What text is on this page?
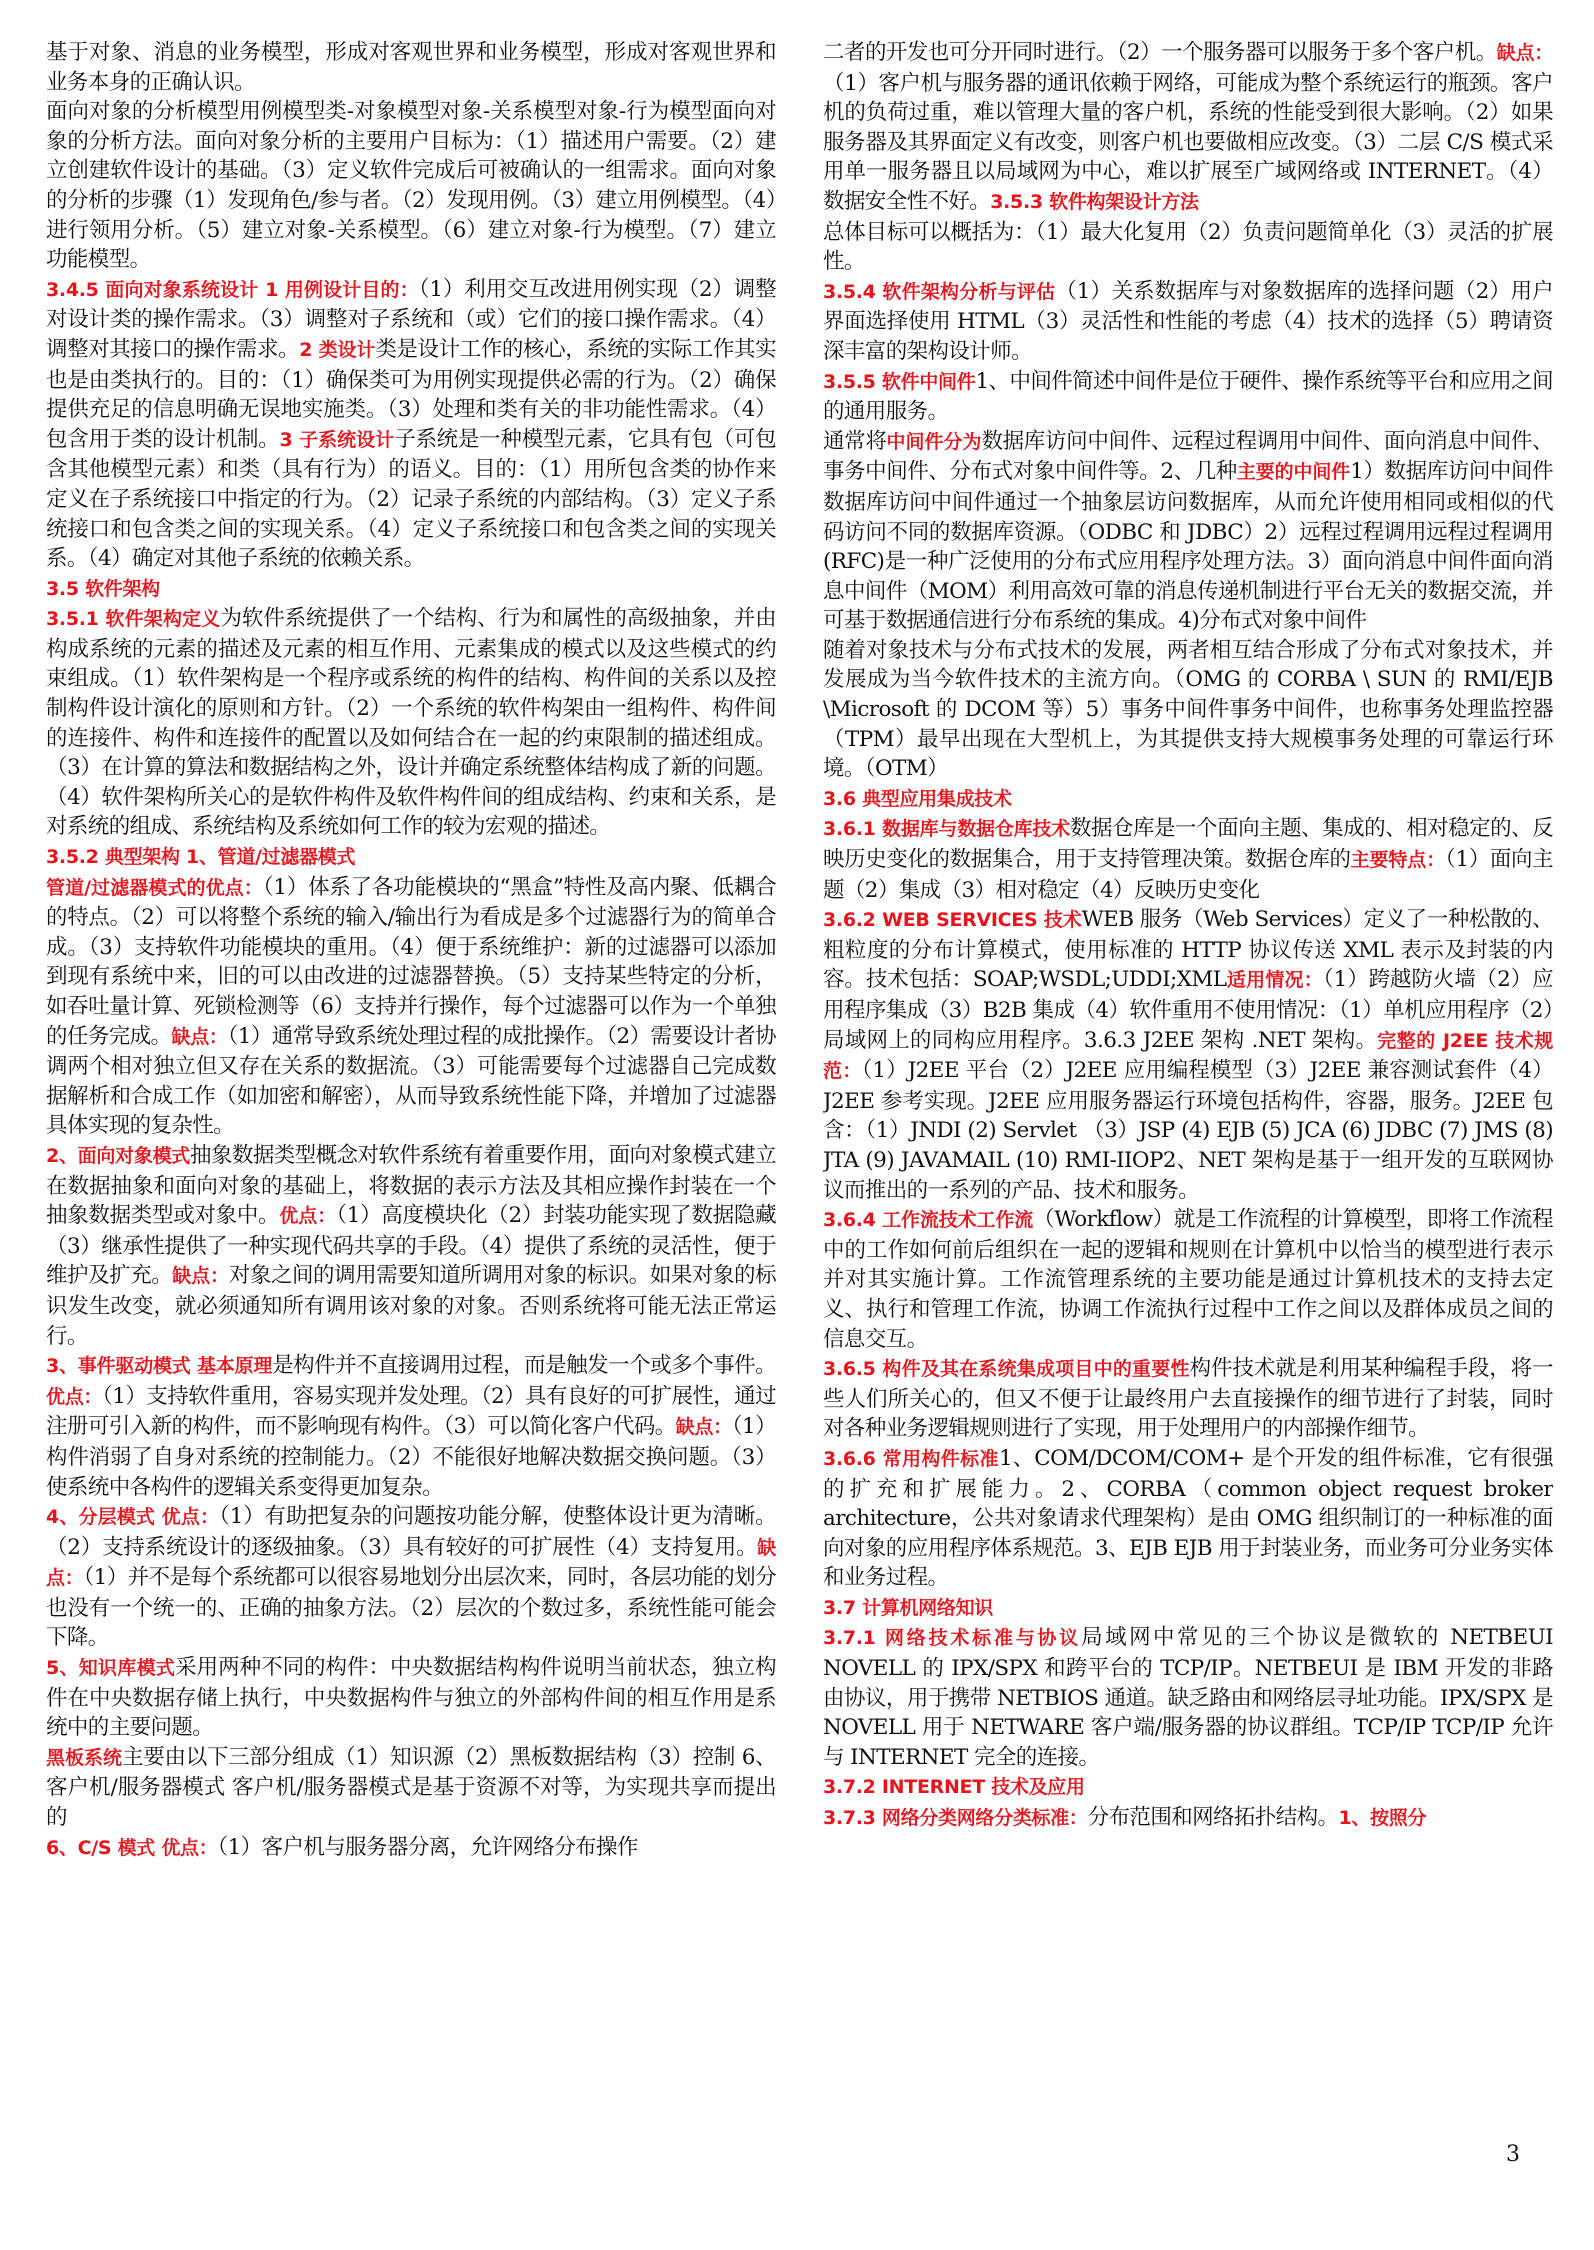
基于对象、消息的业务模型，形成对客观世界和业务模型，形成对客观世界和业务本身的正确认识。

面向对象的分析模型用例模型类-对象模型对象-关系模型对象-行为模型面向对象的分析方法。面向对象分析的主要用户目标为：（1）描述用户需要。（2）建立创建软件设计的基础。（3）定义软件完成后可被确认的一组需求。面向对象的分析的步骤（1）发现角色/参与者。（2）发现用例。（3）建立用例模型。（4）进行领用分析。（5）建立对象-关系模型。（6）建立对象-行为模型。（7）建立功能模型。

3.4.5 面向对象系统设计 1 用例设计目的：（1）利用交互改进用例实现（2）调整对设计类的操作需求。（3）调整对子系统和（或）它们的接口操作需求。（4）调整对其接口的操作需求。2 类设计类是设计工作的核心，系统的实际工作其实也是由类执行的。目的：（1）确保类可为用例实现提供必需的行为。（2）确保提供充足的信息明确无误地实施类。（3）处理和类有关的非功能性需求。（4）包含用于类的设计机制。3 子系统设计子系统是一种模型元素，它具有包（可包含其他模型元素）和类（具有行为）的语义。目的：（1）用所包含类的协作来定义在子系统接口中指定的行为。（2）记录子系统的内部结构。（3）定义子系统接口和包含类之间的实现关系。（4）定义子系统接口和包含类之间的实现关系。（4）确定对其他子系统的依赖关系。

3.5 软件架构

3.5.1 软件架构定义为软件系统提供了一个结构、行为和属性的高级抽象，并由构成系统的元素的描述及元素的相互作用、元素集成的模式以及这些模式的约束组成。（1）软件架构是一个程序或系统的构件的结构、构件间的关系以及控制构件设计演化的原则和方针。（2）一个系统的软件构架由一组构件、构件间的连接件、构件和连接件的配置以及如何结合在一起的约束限制的描述组成。（3）在计算的算法和数据结构之外，设计并确定系统整体结构成了新的问题。（4）软件架构所关心的是软件构件及软件构件间的组成结构、约束和关系，是对系统的组成、系统结构及系统如何工作的较为宏观的描述。

3.5.2 典型架构 1、管道/过滤器模式

管道/过滤器模式的优点：（1）体系了各功能模块的“黑盒”特性及高内聚、低耦合的特点。（2）可以将整个系统的输入/输出行为看成是多个过滤器行为的简单合成。（3）支持软件功能模块的重用。（4）便于系统维护：新的过滤器可以添加到现有系统中来，旧的可以由改进的过滤器替换。（5）支持某些特定的分析，如吞吐量计算、死锁检测等（6）支持并行操作，每个过滤器可以作为一个单独的任务完成。缺点：（1）通常导致系统处理过程的成批操作。（2）需要设计者协调两个相对独立但又存在关系的数据流。（3）可能需要每个过滤器自己完成数据解析和合成工作（如加密和解密），从而导致系统性能下降，并增加了过滤器具体实现的复杂性。

2、面向对象模式抽象数据类型概念对软件系统有着重要作用，面向对象模式建立在数据抽象和面向对象的基础上，将数据的表示方法及其相应操作封装在一个抽象数据类型或对象中。优点：（1）高度模块化（2）封装功能实现了数据隐藏（3）继承性提供了一种实现代码共享的手段。（4）提供了系统的灵活性，便于维护及扩充。缺点：对象之间的调用需要知道所调用对象的标识。如果对象的标识发生改变，就必须通知所有调用该对象的对象。否则系统将可能无法正常运行。

3、事件驱动模式 基本原理是构件并不直接调用过程，而是触发一个或多个事件。优点：（1）支持软件重用，容易实现并发处理。（2）具有良好的可扩展性，通过注册可引入新的构件，而不影响现有构件。（3）可以简化客户代码。缺点：（1）构件消弱了自身对系统的控制能力。（2）不能很好地解决数据交换问题。（3）使系统中各构件的逻辑关系变得更加复杂。

4、分层模式 优点：（1）有助把复杂的问题按功能分解，使整体设计更为清晰。（2）支持系统设计的逐级抽象。（3）具有较好的可扩展性（4）支持复用。缺点：（1）并不是每个系统都可以很容易地划分出层次来，同时，各层功能的划分也没有一个统一的、正确的抽象方法。（2）层次的个数过多，系统性能可能会下降。

5、知识库模式采用两种不同的构件：中央数据结构构件说明当前状态，独立构件在中央数据存储上执行，中央数据构件与独立的外部构件间的相互作用是系统中的主要问题。

黑板系统主要由以下三部分组成（1）知识源（2）黑板数据结构（3）控制 6、客户机/服务器模式 客户机/服务器模式是基于资源不对等，为实现共享而提出的

6、C/S 模式 优点：（1）客户机与服务器分离，允许网络分布操作

二者的开发也可分开同时进行。（2）一个服务器可以服务于多个客户机。缺点：（1）客户机与服务器的通讯依赖于网络，可能成为整个系统运行的瓶颈。客户机的负荷过重，难以管理大量的客户机，系统的性能受到很大影响。（2）如果服务器及其界面定义有改变，则客户机也要做相应改变。（3）二层 C/S 模式采用单一服务器且以局域网为中心，难以扩展至广域网络或 INTERNET。（4）数据安全性不好。3.5.3 软件构架设计方法

总体目标可以概括为：（1）最大化复用（2）负责问题简单化（3）灵活的扩展性。

3.5.4 软件架构分析与评估（1）关系数据库与对象数据库的选择问题（2）用户界面选择使用 HTML（3）灵活性和性能的考虑（4）技术的选择（5）聘请资深丰富的架构设计师。

3.5.5 软件中间件1、中间件简述中间件是位于硬件、操作系统等平台和应用之间的通用服务。

通常将中间件分为数据库访问中间件、远程过程调用中间件、面向消息中间件、事务中间件、分布式对象中间件等。2、几种主要的中间件1）数据库访问中间件数据库访问中间件通过一个抽象层访问数据库，从而允许使用相同或相似的代码访问不同的数据库资源。（ODBC 和 JDBC）2）远程过程调用远程过程调用(RFC)是一种广泛使用的分布式应用程序处理方法。3）面向消息中间件面向消息中间件（MOM）利用高效可靠的消息传递机制进行平台无关的数据交流，并可基于数据通信进行分布系统的集成。4)分布式对象中间件

随着对象技术与分布式技术的发展，两者相互结合形成了分布式对象技术，并发展成为当今软件技术的主流方向。（OMG 的 CORBA \ SUN 的 RMI/EJB \Microsoft 的 DCOM 等）5）事务中间件事务中间件，也称事务处理监控器（TPM）最早出现在大型机上，为其提供支持大规模事务处理的可靠运行环境。（OTM）

3.6 典型应用集成技术

3.6.1 数据库与数据仓库技术数据仓库是一个面向主题、集成的、相对稳定的、反映历史变化的数据集合，用于支持管理决策。数据仓库的主要特点：（1）面向主题（2）集成（3）相对稳定（4）反映历史变化

3.6.2 WEB SERVICES 技术WEB 服务（Web Services）定义了一种松散的、粗粒度的分布计算模式，使用标准的 HTTP 协议传送 XML 表示及封装的内容。技术包括：SOAP;WSDL;UDDI;XML适用情况：（1）跨越防火墙（2）应用程序集成（3）B2B 集成（4）软件重用不使用情况：（1）单机应用程序（2）局域网上的同构应用程序。3.6.3 J2EE 架构 .NET 架构。完整的 J2EE 技术规范：（1）J2EE 平台（2）J2EE 应用编程模型（3）J2EE 兼容测试套件（4）J2EE 参考实现。J2EE 应用服务器运行环境包括构件，容器，服务。J2EE 包含：（1）JNDI (2) Servlet （3）JSP (4) EJB (5) JCA (6) JDBC (7) JMS (8) JTA (9) JAVAMAIL (10) RMI-IIOP2、NET 架构是基于一组开发的互联网协议而推出的一系列的产品、技术和服务。

3.6.4 工作流技术工作流（Workflow）就是工作流程的计算模型，即将工作流程中的工作如何前后组织在一起的逻辑和规则在计算机中以恰当的模型进行表示并对其实施计算。工作流管理系统的主要功能是通过计算机技术的支持去定义、执行和管理工作流，协调工作流执行过程中工作之间以及群体成员之间的信息交互。

3.6.5 构件及其在系统集成项目中的重要性构件技术就是利用某种编程手段，将一些人们所关心的，但又不便于让最终用户去直接操作的细节进行了封装，同时对各种业务逻辑规则进行了实现，用于处理用户的内部操作细节。

3.6.6 常用构件标准1、COM/DCOM/COM+ 是个开发的组件标准，它有很强的扩充和扩展能力。2、CORBA（common object request broker architecture，公共对象请求代理架构）是由 OMG 组织制订的一种标准的面向对象的应用程序体系规范。3、EJB EJB 用于封装业务，而业务可分业务实体和业务过程。

3.7 计算机网络知识

3.7.1 网络技术标准与协议局域网中常见的三个协议是微软的 NETBEUI NOVELL 的 IPX/SPX 和跨平台的 TCP/IP。NETBEUI 是 IBM 开发的非路由协议，用于携带 NETBIOS 通道。缺乏路由和网络层寻址功能。IPX/SPX 是 NOVELL 用于 NETWARE 客户端/服务器的协议群组。TCP/IP TCP/IP 允许与 INTERNET 完全的连接。

3.7.2 INTERNET 技术及应用

3.7.3 网络分类网络分类标准：分布范围和网络拓扑结构。1、按照分

3
